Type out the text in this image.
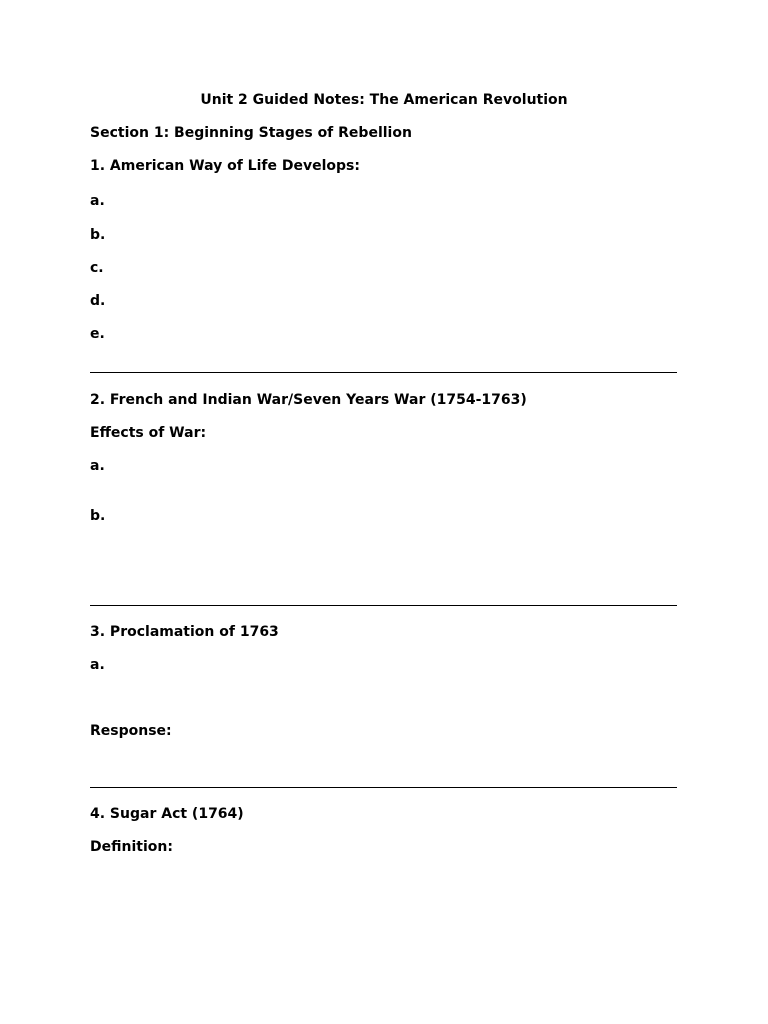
Unit 2 Guided Notes: The American Revolution
Section 1: Beginning Stages of Rebellion
1. American Way of Life Develops:
a.
b.
c.
d.
e.
2. French and Indian War/Seven Years War (1754-1763)
Effects of War:
a.
b.
3. Proclamation of 1763
a.
Response:
4. Sugar Act (1764)
Definition:
